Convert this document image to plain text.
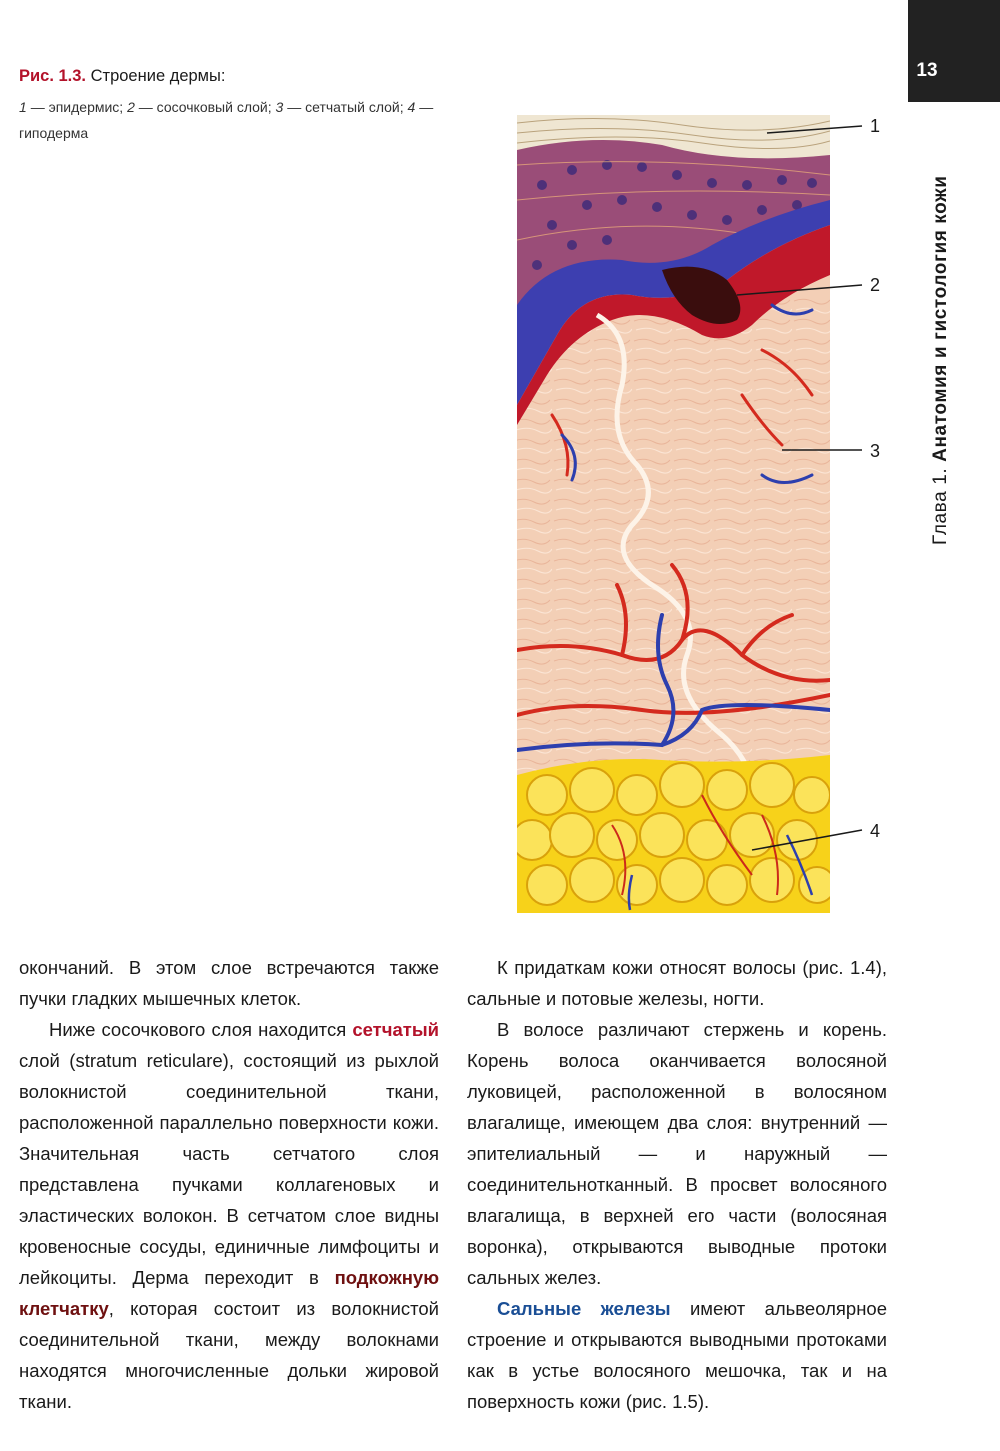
13
Глава 1. Анатомия и гистология кожи
Рис. 1.3. Строение дермы:
1 — эпидермис; 2 — сосочковый слой; 3 — сетчатый слой; 4 — гиподерма	1
2
3
4

окончаний. В этом слое встречаются также пучки гладких мышечных клеток.

Ниже сосочкового слоя находится сетчатый слой (stratum reticulare), состоящий из рыхлой волокнистой соединительной ткани, расположенной параллельно поверхности кожи. Значительная часть сетчатого слоя представлена пучками коллагеновых и эластических волокон. В сетчатом слое видны кровеносные сосуды, единичные лимфоциты и лейкоциты. Дерма переходит в подкожную клетчатку, которая состоит из волокнистой соединительной ткани, между волокнами находятся многочисленные дольки жировой ткани.

К придаткам кожи относят волосы (рис. 1.4), сальные и потовые железы, ногти.

В волосе различают стержень и корень. Корень волоса оканчивается волосяной луковицей, расположенной в волосяном влагалище, имеющем два слоя: внутренний — эпителиальный — и наружный — соединительнотканный. В просвет волосяного влагалища, в верхней его части (волосяная воронка), открываются выводные протоки сальных желез.

Сальные железы имеют альвеолярное строение и открываются выводными протоками как в устье волосяного мешочка, так и на поверхность кожи (рис. 1.5).
